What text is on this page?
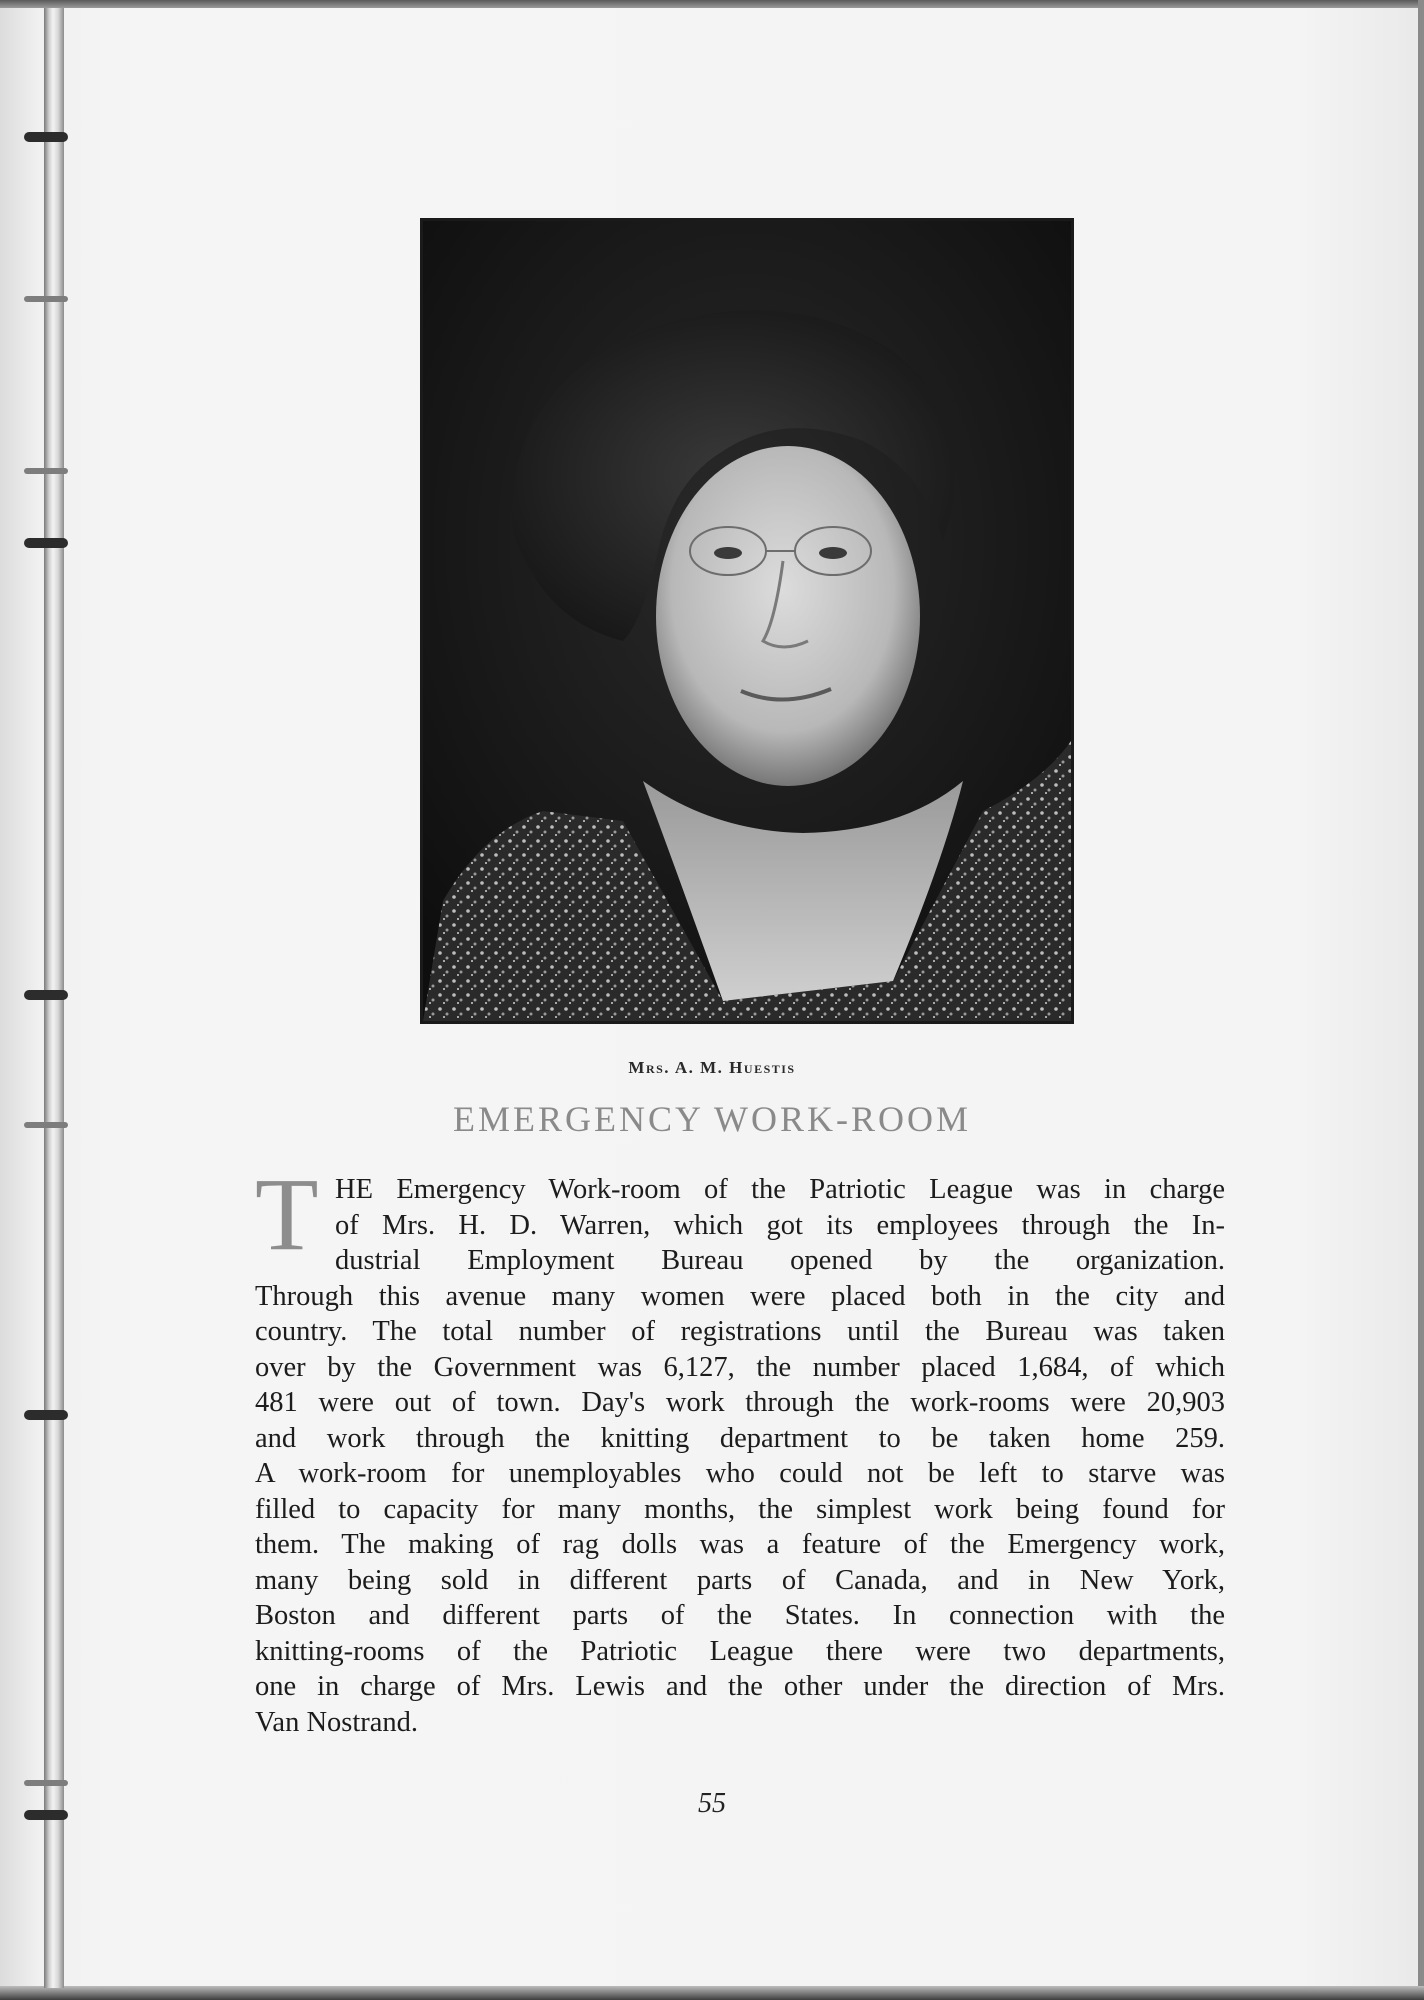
Mrs. A. M. Huestis
EMERGENCY WORK-ROOM
T HE Emergency Work-room of the Patriotic League was in charge
of Mrs. H. D. Warren, which got its employees through the In-
dustrial Employment Bureau opened by the organization.
Through this avenue many women were placed both in the city and
country. The total number of registrations until the Bureau was taken
over by the Government was 6,127, the number placed 1,684, of which
481 were out of town. Day's work through the work-rooms were 20,903
and work through the knitting department to be taken home 259.
A work-room for unemployables who could not be left to starve was
filled to capacity for many months, the simplest work being found for
them. The making of rag dolls was a feature of the Emergency work,
many being sold in different parts of Canada, and in New York,
Boston and different parts of the States. In connection with the
knitting-rooms of the Patriotic League there were two departments,
one in charge of Mrs. Lewis and the other under the direction of Mrs.
Van Nostrand.
55
